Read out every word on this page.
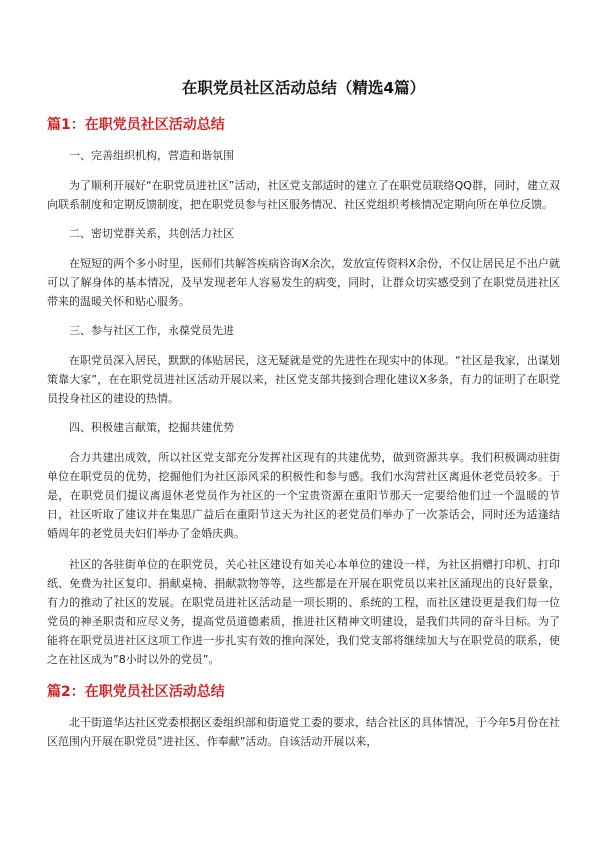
在职党员社区活动总结（精选4篇）
篇1：在职党员社区活动总结

一、完善组织机构，营造和谐氛围

为了顺利开展好“在职党员进社区”活动，社区党支部适时的建立了在职党员联络QQ群，同时，建立双向联系制度和定期反馈制度，把在职党员参与社区服务情况、社区党组织考核情况定期向所在单位反馈。

二、密切党群关系，共创活力社区

在短短的两个多小时里，医师们共解答疾病咨询X余次，发放宣传资料X余份，不仅让居民足不出户就可以了解身体的基本情况，及早发现老年人容易发生的病变，同时，让群众切实感受到了在职党员进社区带来的温暖关怀和贴心服务。

三、参与社区工作，永葆党员先进

在职党员深入居民，默默的体贴居民，这无疑就是党的先进性在现实中的体现。“社区是我家，出谋划策靠大家”，在在职党员进社区活动开展以来，社区党支部共接到合理化建议X多条，有力的证明了在职党员投身社区的建设的热情。

四、积极建言献策，挖掘共建优势

合力共建出成效，所以社区党支部充分发挥社区现有的共建优势，做到资源共享。我们积极调动驻街单位在职党员的优势，挖掘他们为社区添风采的积极性和参与感。我们水沟营社区离退休老党员较多。于是，在职党员们提议离退休老党员作为社区的一个宝贵资源在重阳节那天一定要给他们过一个温暖的节日，社区听取了建议并在集思广益后在重阳节这天为社区的老党员们举办了一次茶话会，同时还为适逢结婚周年的老党员夫妇们举办了金婚庆典。

社区的各驻街单位的在职党员，关心社区建设有如关心本单位的建设一样，为社区捐赠打印机、打印纸、免费为社区复印、捐献桌椅、捐献款物等等，这些都是在开展在职党员以来社区涌现出的良好景象，有力的推动了社区的发展。在职党员进社区活动是一项长期的、系统的工程，而社区建设更是我们每一位党员的神圣职责和应尽义务，提高党员道德素质，推进社区精神文明建设，是我们共同的奋斗目标。为了能将在职党员进社区这项工作进一步扎实有效的推向深处，我们党支部将继续加大与在职党员的联系，使之在社区成为”8小时以外的党员”。

篇2：在职党员社区活动总结

北干街道华达社区党委根据区委组织部和街道党工委的要求，结合社区的具体情况，于今年5月份在社区范围内开展在职党员”进社区、作奉献”活动。自该活动开展以来，
